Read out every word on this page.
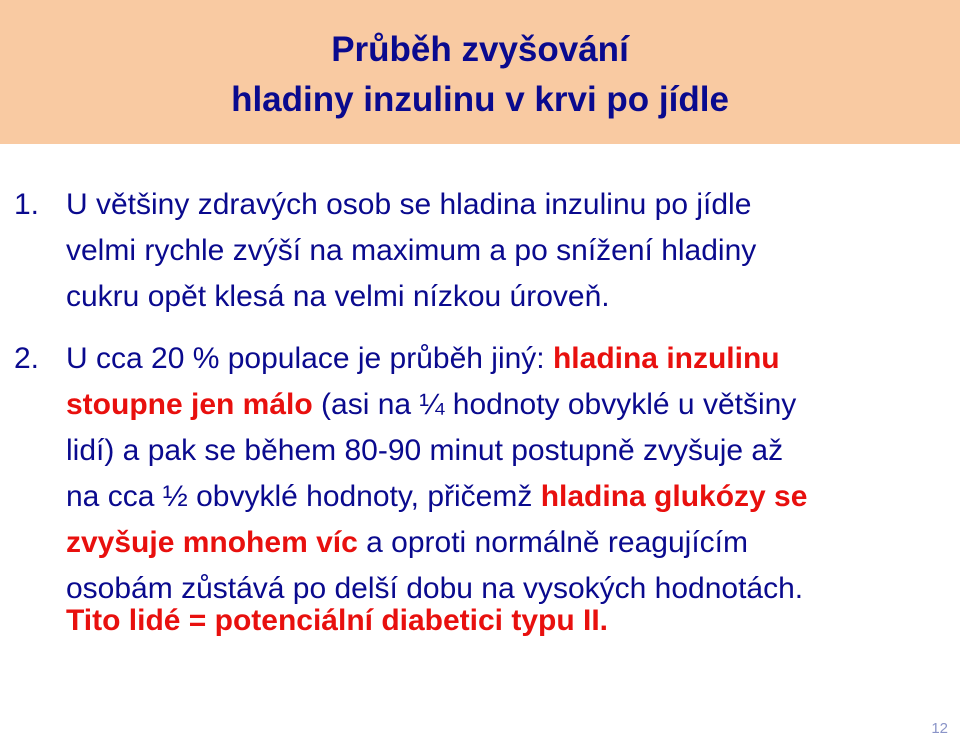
Průběh zvyšování
hladiny inzulinu v krvi po jídle
1. U většiny zdravých osob se hladina inzulinu po jídle
velmi rychle zvýší na maximum a po snížení hladiny
cukru opět klesá na velmi nízkou úroveň.
2. U cca 20 % populace je průběh jiný: hladina inzulinu
stoupne jen málo (asi na ¼ hodnoty obvyklé u většiny
lidí) a pak se během 80-90 minut postupně zvyšuje až
na cca ½ obvyklé hodnoty, přičemž hladina glukózy se
zvyšuje mnohem víc a oproti normálně reagujícím
osobám zůstává po delší dobu na vysokých hodnotách.
Tito lidé = potenciální diabetici typu II.
12
